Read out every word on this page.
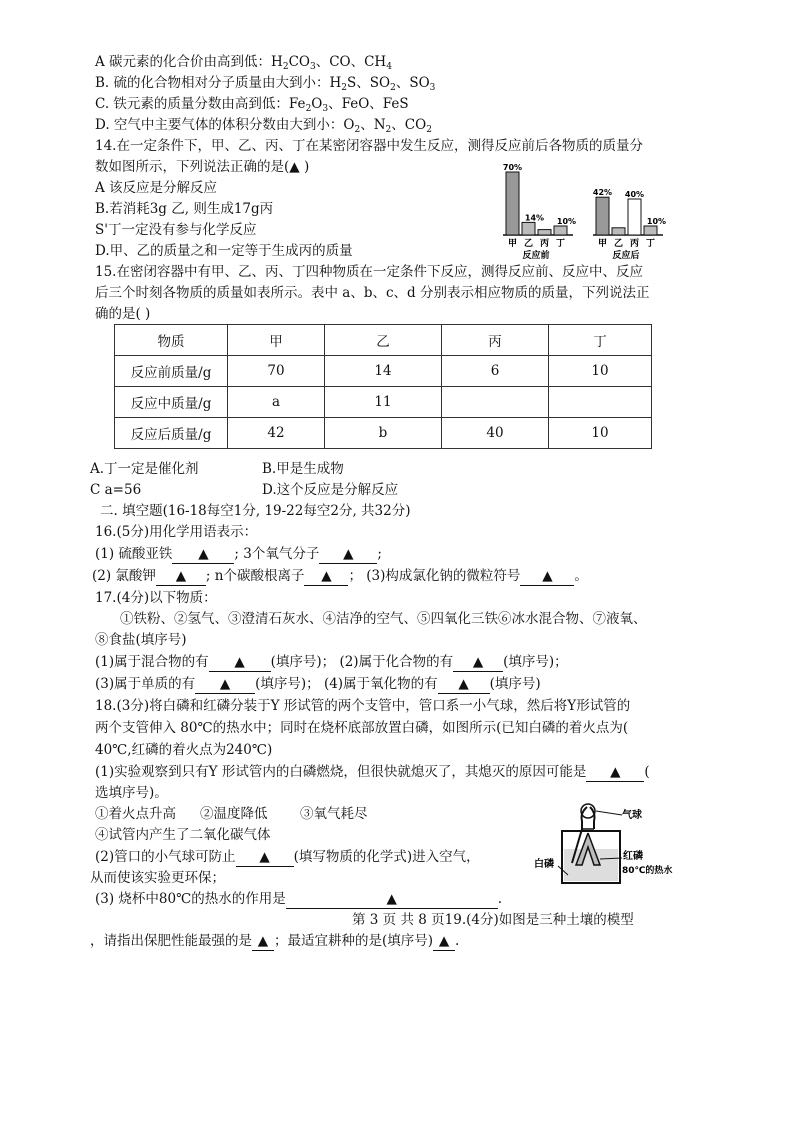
A 碳元素的化合价由高到低：$H_2CO_3$、CO、$CH_4$
B. 硫的化合物相对分子质量由大到小：$H_2S$、$SO_2$、$SO_3$
C. 铁元素的质量分数由高到低：$Fe_2O_3$、FeO、FeS
D. 空气中主要气体的体积分数由大到小：$O_2$、$N_2$、$CO_2$
14.在一定条件下，甲、乙、丙、丁在某密闭容器中发生反应，测得反应前后各物质的质量分
数如图所示，下列说法正确的是(▲ )
A 该反应是分解反应
B.若消耗3g 乙, 则生成17g丙
S'丁一定没有参与化学反应
D.甲、乙的质量之和一定等于生成丙的质量
70%
甲
14%
乙 丙
10%
丁
反应前
42%
甲 乙
40%
丙
10%
丁
反应后
15.在密闭容器中有甲、乙、丙、丁四种物质在一定条件下反应，测得反应前、反应中、反应
后三个时刻各物质的质量如表所示。表中 a、b、c、d 分别表示相应物质的质量，下列说法正
确的是( )
物质	甲	乙	丙	丁
反应前质量/g	70	14	6	10
反应中质量/g	a	11		
反应后质量/g	42	b	40	10
A.丁一定是催化剂	B.甲是生成物
C a=56	D.这个反应是分解反应
二. 填空题(16-18每空1分, 19-22每空2分, 共32分)
16.(5分)用化学用语表示：
(1) 硫酸亚铁 ▲ ; 3个氧气分子 ▲ ;
(2) 氯酸钾 ▲ ; n个碳酸根离子 ▲ ； (3)构成氯化钠的微粒符号 ▲ 。
17.(4分)以下物质：
①铁粉、②氢气、③澄清石灰水、④洁净的空气、⑤四氧化三铁⑥冰水混合物、⑦液氧、
⑧食盐(填序号)
(1)属于混合物的有 ▲ (填序号)； (2)属于化合物的有 ▲ (填序号)；
(3)属于单质的有 ▲ (填序号)； (4)属于氧化物的有 ▲ (填序号)
18.(3分)将白磷和红磷分装于Y 形试管的两个支管中，管口系一小气球，然后将Y形试管的
两个支管伸入 80℃的热水中；同时在烧杯底部放置白磷，如图所示(已知白磷的着火点为(
40℃,红磷的着火点为240℃)
(1)实验观察到只有Y 形试管内的白磷燃烧，但很快就熄灭了，其熄灭的原因可能是 ▲ (
选填序号)。
①着火点升高 ②温度降低 ③氧气耗尽
④试管内产生了二氧化碳气体
(2)管口的小气球可防止 ▲ (填写物质的化学式)进入空气，
从而使该实验更环保；
(3) 烧杯中80℃的热水的作用是	▲	.
气球
红磷
白磷
80℃的热水
第 3 页 共 8 页19.(4分)如图是三种土壤的模型
，请指出保肥性能最强的是 ▲ ；最适宜耕种的是(填序号) ▲ .
